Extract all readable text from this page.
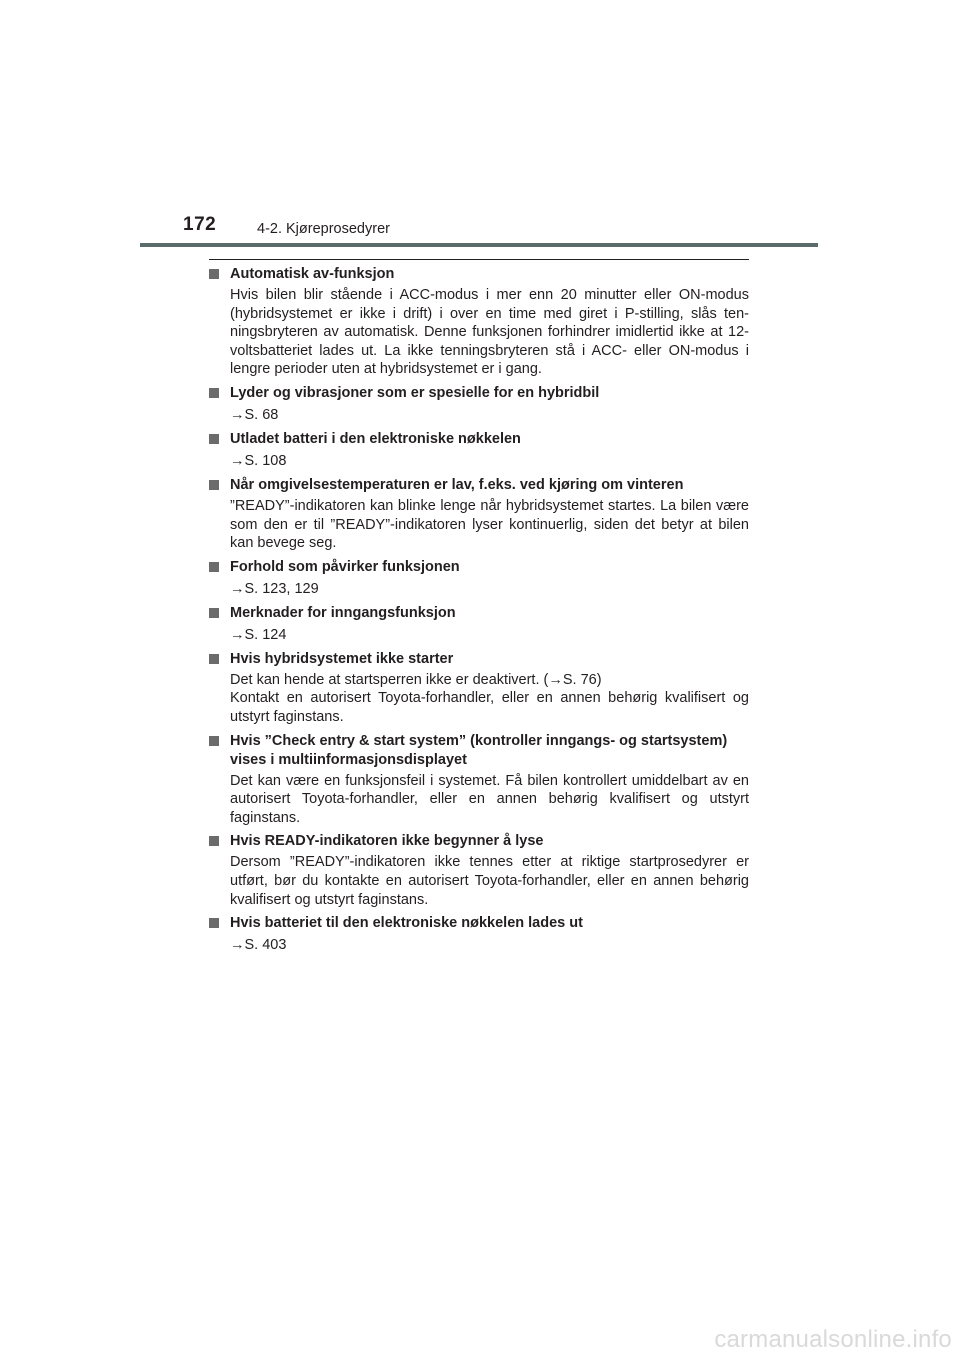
172	4-2. Kjøreprosedyrer
Automatisk av-funksjon
Hvis bilen blir stående i ACC-modus i mer enn 20 minutter eller ON-modus (hybridsystemet er ikke i drift) i over en time med giret i P-stilling, slås ten-ningsbryteren av automatisk. Denne funksjonen forhindrer imidlertid ikke at 12-voltsbatteriet lades ut. La ikke tenningsbryteren stå i ACC- eller ON-modus i lengre perioder uten at hybridsystemet er i gang.
Lyder og vibrasjoner som er spesielle for en hybridbil
→S. 68
Utladet batteri i den elektroniske nøkkelen
→S. 108
Når omgivelsestemperaturen er lav, f.eks. ved kjøring om vinteren
”READY”-indikatoren kan blinke lenge når hybridsystemet startes. La bilen være som den er til ”READY”-indikatoren lyser kontinuerlig, siden det betyr at bilen kan bevege seg.
Forhold som påvirker funksjonen
→S. 123, 129
Merknader for inngangsfunksjon
→S. 124
Hvis hybridsystemet ikke starter
Det kan hende at startsperren ikke er deaktivert. (→S. 76)
Kontakt en autorisert Toyota-forhandler, eller en annen behørig kvalifisert og utstyrt faginstans.
Hvis ”Check entry & start system” (kontroller inngangs- og startsystem) vises i multiinformasjonsdisplayet
Det kan være en funksjonsfeil i systemet. Få bilen kontrollert umiddelbart av en autorisert Toyota-forhandler, eller en annen behørig kvalifisert og utstyrt faginstans.
Hvis READY-indikatoren ikke begynner å lyse
Dersom ”READY”-indikatoren ikke tennes etter at riktige startprosedyrer er utført, bør du kontakte en autorisert Toyota-forhandler, eller en annen behørig kvalifisert og utstyrt faginstans.
Hvis batteriet til den elektroniske nøkkelen lades ut
→S. 403
carmanualsonline.info
